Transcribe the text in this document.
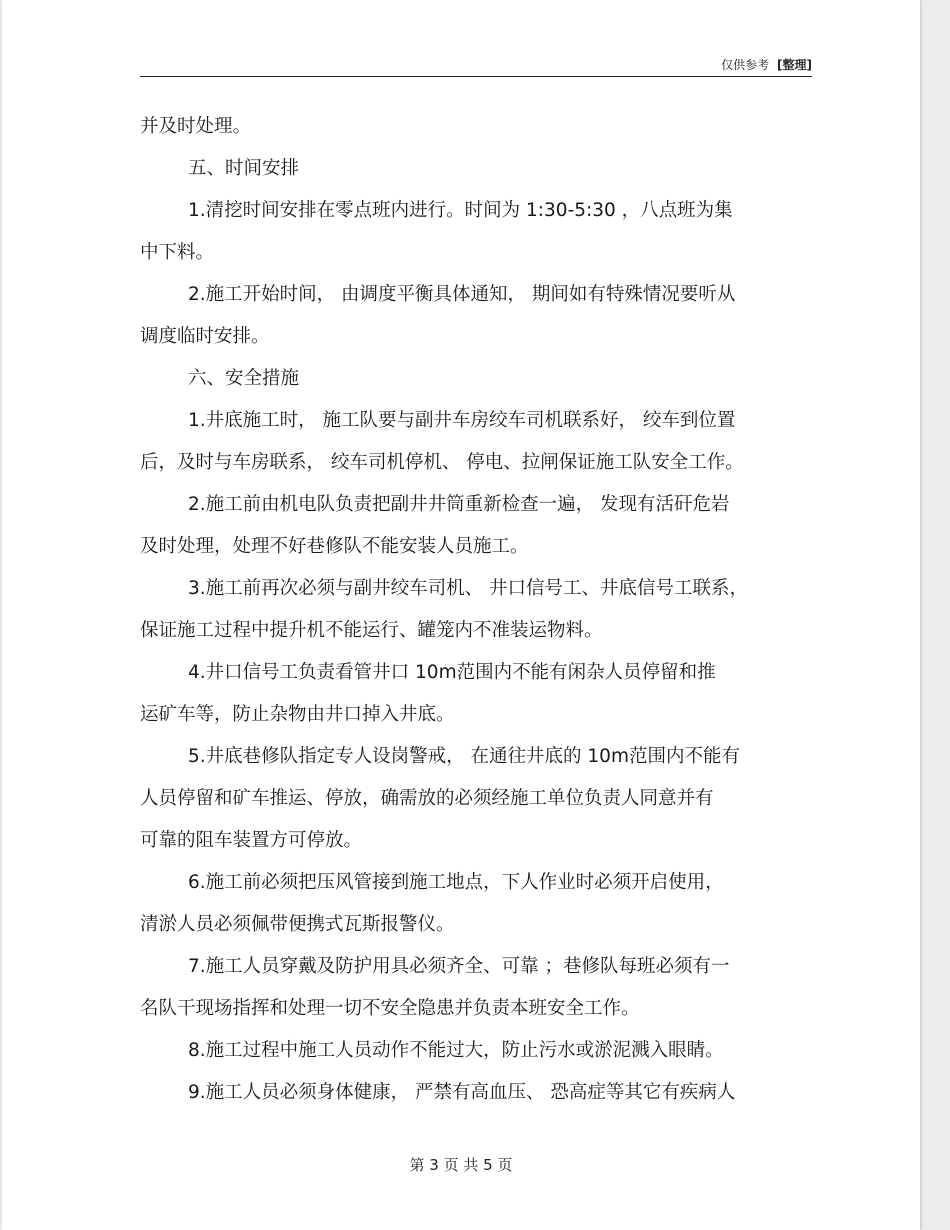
仅供参考 [整理]

并及时处理。

五、时间安排

1.清挖时间安排在零点班内进行。时间为 1:30-5:30 ，八点班为集

中下料。

2.施工开始时间， 由调度平衡具体通知， 期间如有特殊情况要听从

调度临时安排。

六、安全措施

1.井底施工时， 施工队要与副井车房绞车司机联系好， 绞车到位置

后，及时与车房联系， 绞车司机停机、 停电、拉闸保证施工队安全工作。

2.施工前由机电队负责把副井井筒重新检查一遍， 发现有活矸危岩

及时处理，处理不好巷修队不能安装人员施工。

3.施工前再次必须与副井绞车司机、 井口信号工、井底信号工联系，

保证施工过程中提升机不能运行、罐笼内不准装运物料。

4.井口信号工负责看管井口 10m范围内不能有闲杂人员停留和推

运矿车等，防止杂物由井口掉入井底。

5.井底巷修队指定专人设岗警戒， 在通往井底的 10m范围内不能有

人员停留和矿车推运、停放，确需放的必须经施工单位负责人同意并有

可靠的阻车装置方可停放。

6.施工前必须把压风管接到施工地点，下人作业时必须开启使用，

清淤人员必须佩带便携式瓦斯报警仪。

7.施工人员穿戴及防护用具必须齐全、可靠 ；巷修队每班必须有一

名队干现场指挥和处理一切不安全隐患并负责本班安全工作。

8.施工过程中施工人员动作不能过大，防止污水或淤泥溅入眼睛。

9.施工人员必须身体健康， 严禁有高血压、 恐高症等其它有疾病人

第 3 页 共 5 页
